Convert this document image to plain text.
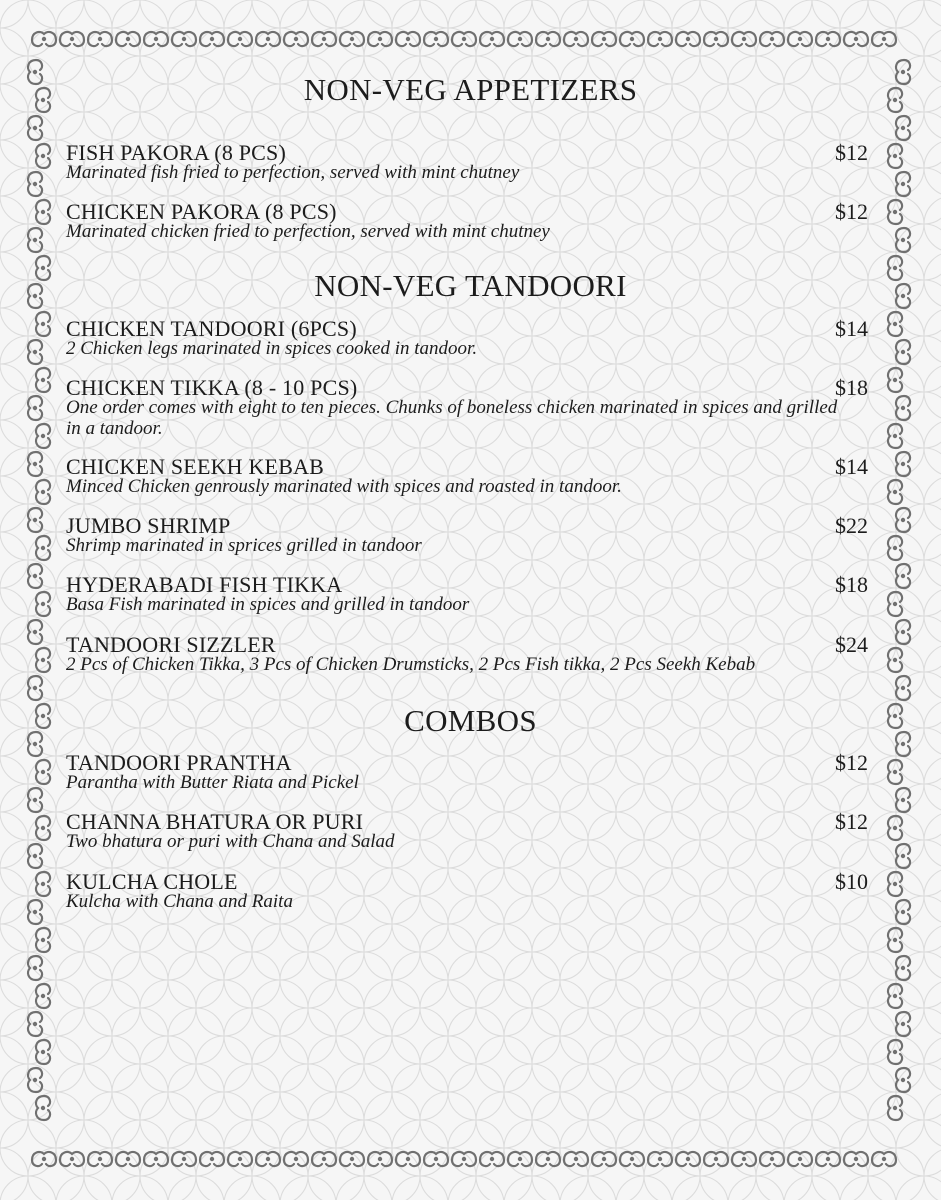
NON-VEG APPETIZERS
FISH PAKORA (8 PCS)	$12
Marinated fish fried to perfection, served with mint chutney
CHICKEN PAKORA (8 PCS)	$12
Marinated chicken fried to perfection, served with mint chutney
NON-VEG TANDOORI
CHICKEN TANDOORI (6PCS)	$14
2 Chicken legs marinated in spices cooked in tandoor.
CHICKEN TIKKA (8 - 10 PCS)	$18
One order comes with eight to ten pieces. Chunks of boneless chicken marinated in spices and grilled in a tandoor.
CHICKEN SEEKH KEBAB	$14
Minced Chicken genrously marinated with spices and roasted in tandoor.
JUMBO SHRIMP	$22
Shrimp marinated in sprices grilled in tandoor
HYDERABADI FISH TIKKA	$18
Basa Fish marinated in spices and grilled in tandoor
TANDOORI SIZZLER	$24
2 Pcs of Chicken Tikka, 3 Pcs of Chicken Drumsticks, 2 Pcs Fish tikka, 2 Pcs Seekh Kebab
COMBOS
TANDOORI PRANTHA	$12
Parantha with Butter Riata and Pickel
CHANNA BHATURA OR PURI	$12
Two bhatura or puri with Chana and Salad
KULCHA CHOLE	$10
Kulcha with Chana and Raita
